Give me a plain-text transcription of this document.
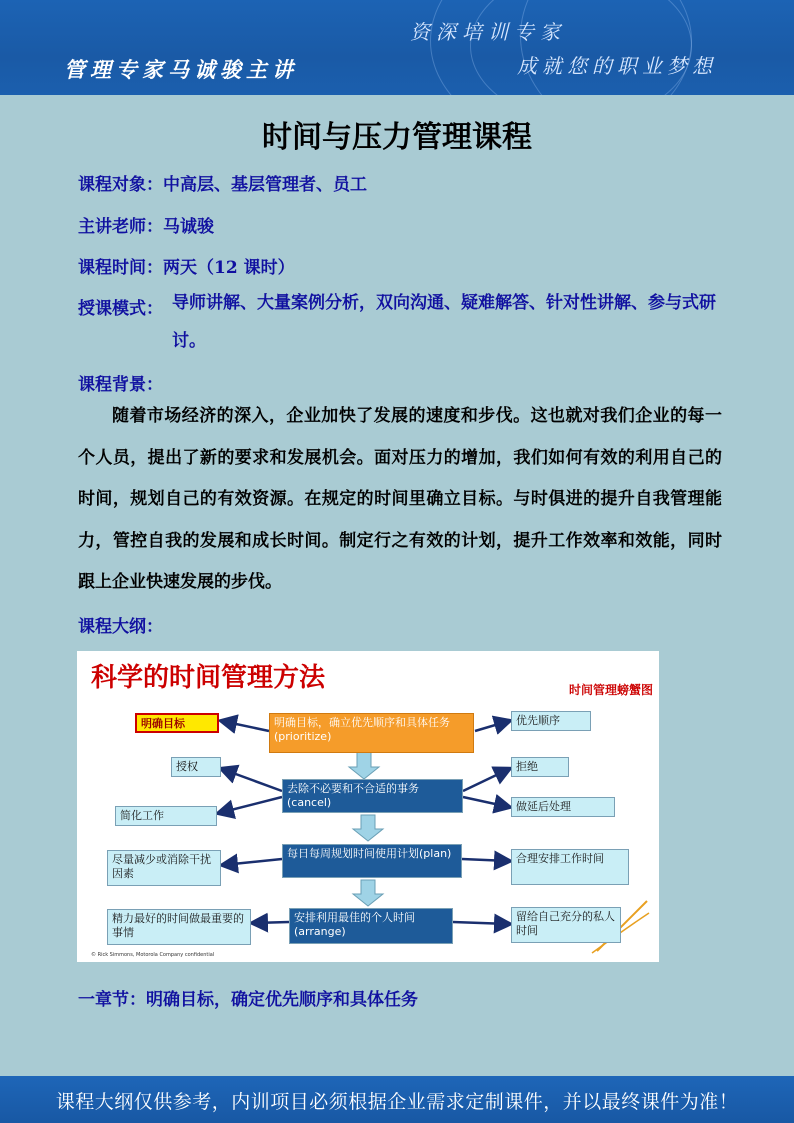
管理专家马诚骏主讲
资深培训专家
成就您的职业梦想
时间与压力管理课程
课程对象：中高层、基层管理者、员工
主讲老师：马诚骏
课程时间：两天（12 课时）
授课模式： 导师讲解、大量案例分析，双向沟通、疑难解答、针对性讲解、参与式研讨。
课程背景：
随着市场经济的深入，企业加快了发展的速度和步伐。这也就对我们企业的每一个人员，提出了新的要求和发展机会。面对压力的增加，我们如何有效的利用自己的时间，规划自己的有效资源。在规定的时间里确立目标。与时俱进的提升自我管理能力，管控自我的发展和成长时间。制定行之有效的计划，提升工作效率和效能，同时跟上企业快速发展的步伐。
课程大纲：
科学的时间管理方法	时间管理螃蟹图
明确目标，确立优先顺序和具体任务(prioritize)
去除不必要和不合适的事务(cancel)
每日每周规划时间使用计划(plan)
安排利用最佳的个人时间(arrange)
明确目标
授权
简化工作
尽量减少或消除干扰因素
精力最好的时间做最重要的事情
优先顺序
拒绝
做延后处理
合理安排工作时间
留给自己充分的私人时间
© Rick Simmons, Motorola Company confidential
一章节：明确目标，确定优先顺序和具体任务
课程大纲仅供参考，内训项目必须根据企业需求定制课件，并以最终课件为准！
